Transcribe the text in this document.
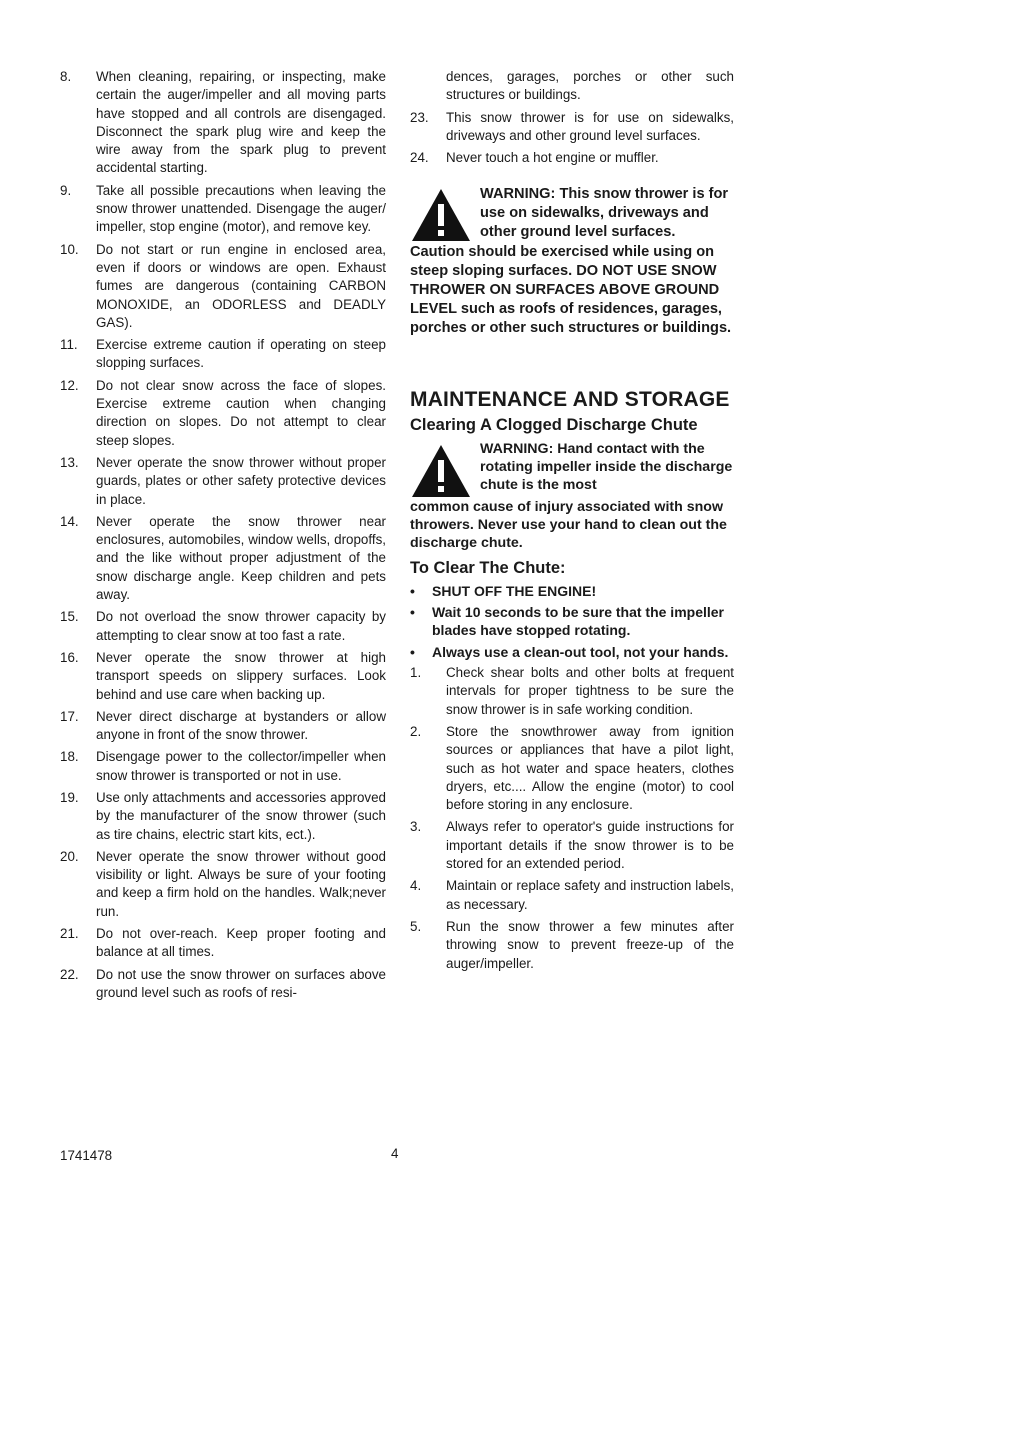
8.	When cleaning, repairing, or inspecting, make certain the auger/impeller and all moving parts have stopped and all controls are disengaged. Disconnect the spark plug wire and keep the wire away from the spark plug to prevent accidental starting.
9.	Take all possible precautions when leaving the snow thrower unattended. Disengage the auger/ impeller, stop engine (motor), and remove key.
10.	Do not start or run engine in enclosed area, even if doors or windows are open. Exhaust fumes are dangerous (containing CARBON MONOXIDE, an ODORLESS and DEADLY GAS).
11.	Exercise extreme caution if operating on steep slopping surfaces.
12.	Do not clear snow across the face of slopes. Exercise extreme caution when changing direction on slopes. Do not attempt to clear steep slopes.
13.	Never operate the snow thrower without proper guards, plates or other safety protective devices in place.
14.	Never operate the snow thrower near enclosures, automobiles, window wells, dropoffs, and the like without proper adjustment of the snow discharge angle. Keep children and pets away.
15.	Do not overload the snow thrower capacity by attempting to clear snow at too fast a rate.
16.	Never operate the snow thrower at high transport speeds on slippery surfaces. Look behind and use care when backing up.
17.	Never direct discharge at bystanders or allow anyone in front of the snow thrower.
18.	Disengage power to the collector/impeller when snow thrower is transported or not in use.
19.	Use only attachments and accessories approved by the manufacturer of the snow thrower (such as tire chains, electric start kits, ect.).
20.	Never operate the snow thrower without good visibility or light. Always be sure of your footing and keep a firm hold on the handles. Walk;never run.
21.	Do not over-reach. Keep proper footing and balance at all times.
22.	Do not use the snow thrower on surfaces above ground level such as roofs of resi-
dences, garages, porches or other such structures or buildings.
23.	This snow thrower is for use on sidewalks, driveways and other ground level surfaces.
24.	Never touch a hot engine or muffler.
WARNING: This snow thrower is for use on sidewalks, driveways and other ground level surfaces.
Caution should be exercised while using on steep sloping surfaces. DO NOT USE SNOW THROWER ON SURFACES ABOVE GROUND LEVEL such as roofs of residences, garages, porches or other such structures or buildings.
MAINTENANCE AND STORAGE
Clearing A Clogged Discharge Chute
WARNING: Hand contact with the rotating impeller inside the discharge chute is the most
common cause of injury associated with snow throwers. Never use your hand to clean out the discharge chute.
To Clear The Chute:
•	SHUT OFF THE ENGINE!
•	Wait 10 seconds to be sure that the impeller blades have stopped rotating.
•	Always use a clean-out tool, not your hands.
1.	Check shear bolts and other bolts at frequent intervals for proper tightness to be sure the snow thrower is in safe working condition.
2.	Store the snowthrower away from ignition sources or appliances that have a pilot light, such as hot water and space heaters, clothes dryers, etc.... Allow the engine (motor) to cool before storing in any enclosure.
3.	Always refer to operator's guide instructions for important details if the snow thrower is to be stored for an extended period.
4.	Maintain or replace safety and instruction labels, as necessary.
5.	Run the snow thrower a few minutes after throwing snow to prevent freeze-up of the auger/impeller.
1741478	4
